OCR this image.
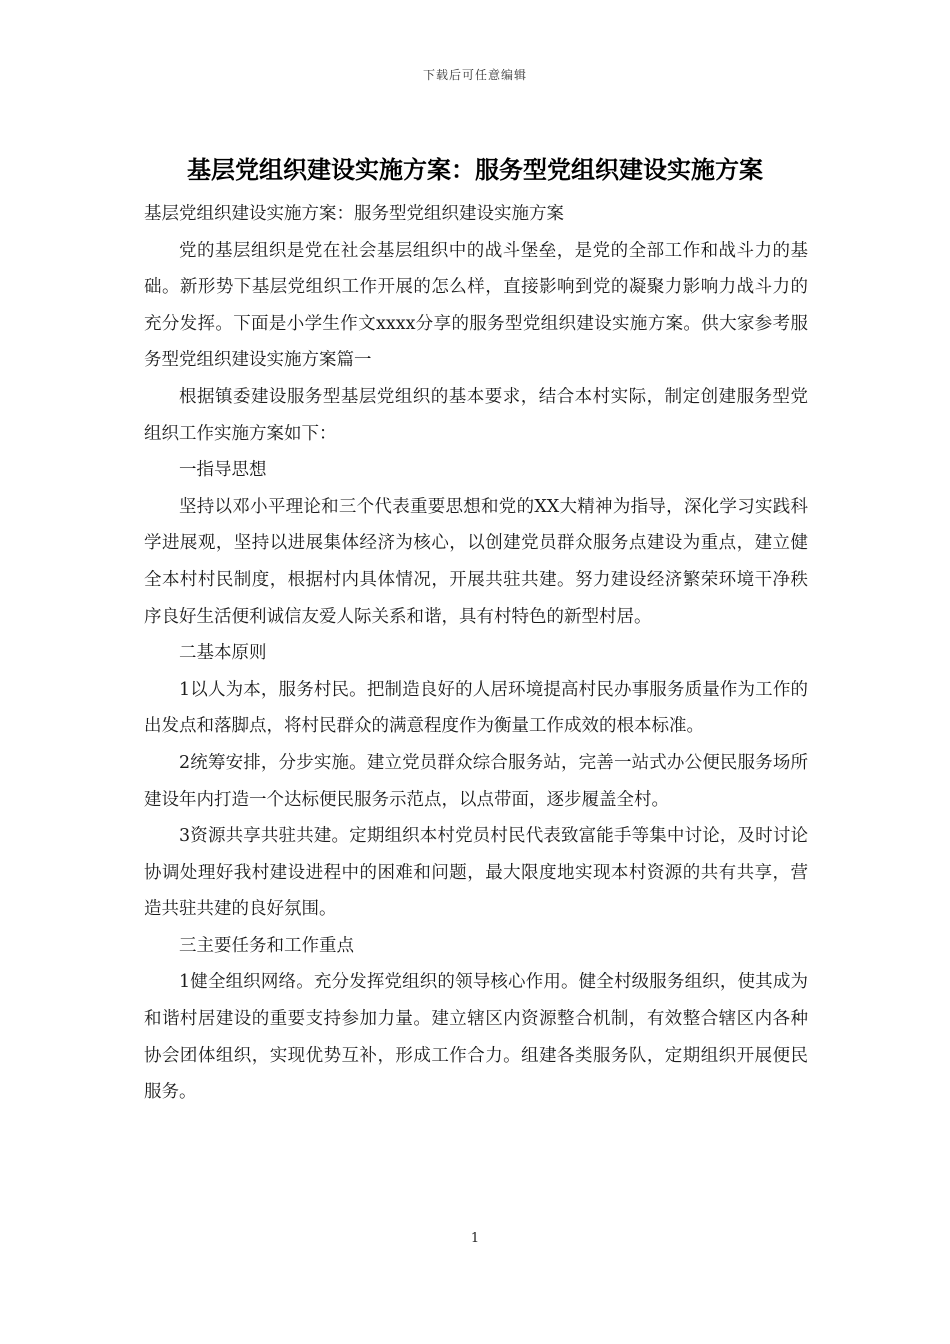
下载后可任意编辑
基层党组织建设实施方案：服务型党组织建设实施方案

基层党组织建设实施方案：服务型党组织建设实施方案

党的基层组织是党在社会基层组织中的战斗堡垒，是党的全部工作和战斗力的基础。新形势下基层党组织工作开展的怎么样，直接影响到党的凝聚力影响力战斗力的充分发挥。下面是小学生作文xxxx分享的服务型党组织建设实施方案。供大家参考服务型党组织建设实施方案篇一

根据镇委建设服务型基层党组织的基本要求，结合本村实际，制定创建服务型党组织工作实施方案如下：

一指导思想

坚持以邓小平理论和三个代表重要思想和党的XX大精神为指导，深化学习实践科学进展观，坚持以进展集体经济为核心，以创建党员群众服务点建设为重点，建立健全本村村民制度，根据村内具体情况，开展共驻共建。努力建设经济繁荣环境干净秩序良好生活便利诚信友爱人际关系和谐，具有村特色的新型村居。

二基本原则

1以人为本，服务村民。把制造良好的人居环境提高村民办事服务质量作为工作的出发点和落脚点，将村民群众的满意程度作为衡量工作成效的根本标准。

2统筹安排，分步实施。建立党员群众综合服务站，完善一站式办公便民服务场所建设年内打造一个达标便民服务示范点，以点带面，逐步履盖全村。

3资源共享共驻共建。定期组织本村党员村民代表致富能手等集中讨论，及时讨论协调处理好我村建设进程中的困难和问题，最大限度地实现本村资源的共有共享，营造共驻共建的良好氛围。

三主要任务和工作重点

1健全组织网络。充分发挥党组织的领导核心作用。健全村级服务组织，使其成为和谐村居建设的重要支持参加力量。建立辖区内资源整合机制，有效整合辖区内各种协会团体组织，实现优势互补，形成工作合力。组建各类服务队，定期组织开展便民服务。

1
